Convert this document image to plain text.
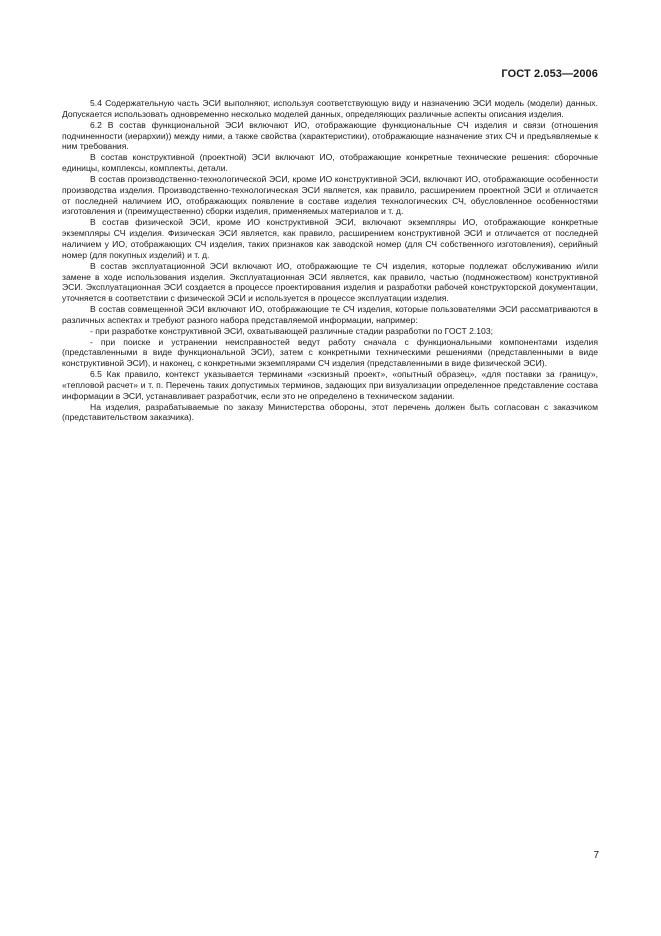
ГОСТ 2.053—2006

5.4 Содержательную часть ЭСИ выполняют, используя соответствующую виду и назначению ЭСИ модель (модели) данных. Допускается использовать одновременно несколько моделей данных, определяющих различные аспекты описания изделия.

6.2 В состав функциональной ЭСИ включают ИО, отображающие функциональные СЧ изделия и связи (отношения подчиненности (иерархии)) между ними, а также свойства (характеристики), отображающие назначение этих СЧ и предъявляемые к ним требования.

В состав конструктивной (проектной) ЭСИ включают ИО, отображающие конкретные технические решения: сборочные единицы, комплексы, комплекты, детали.

В состав производственно-технологической ЭСИ, кроме ИО конструктивной ЭСИ, включают ИО, отображающие особенности производства изделия. Производственно-технологическая ЭСИ является, как правило, расширением проектной ЭСИ и отличается от последней наличием ИО, отображающих появление в составе изделия технологических СЧ, обусловленное особенностями изготовления и (преимущественно) сборки изделия, применяемых материалов и т. д.

В состав физической ЭСИ, кроме ИО конструктивной ЭСИ, включают экземпляры ИО, отображающие конкретные экземпляры СЧ изделия. Физическая ЭСИ является, как правило, расширением конструктивной ЭСИ и отличается от последней наличием у ИО, отображающих СЧ изделия, таких признаков как заводской номер (для СЧ собственного изготовления), серийный номер (для покупных изделий) и т. д.

В состав эксплуатационной ЭСИ включают ИО, отображающие те СЧ изделия, которые подлежат обслуживанию и/или замене в ходе использования изделия. Эксплуатационная ЭСИ является, как правило, частью (подмножеством) конструктивной ЭСИ. Эксплуатационная ЭСИ создается в процессе проектирования изделия и разработки рабочей конструкторской документации, уточняется в соответствии с физической ЭСИ и используется в процессе эксплуатации изделия.

В состав совмещенной ЭСИ включают ИО, отображающие те СЧ изделия, которые пользователями ЭСИ рассматриваются в различных аспектах и требуют разного набора представляемой информации, например:

- при разработке конструктивной ЭСИ, охватывающей различные стадии разработки по ГОСТ 2.103;

- при поиске и устранении неисправностей ведут работу сначала с функциональными компонентами изделия (представленными в виде функциональной ЭСИ), затем с конкретными техническими решениями (представленными в виде конструктивной ЭСИ), и наконец, с конкретными экземплярами СЧ изделия (представленными в виде физической ЭСИ).

6.5 Как правило, контекст указывается терминами «эскизный проект», «опытный образец», «для поставки за границу», «тепловой расчет» и т. п. Перечень таких допустимых терминов, задающих при визуализации определенное представление состава информации в ЭСИ, устанавливает разработчик, если это не определено в техническом задании.

На изделия, разрабатываемые по заказу Министерства обороны, этот перечень должен быть согласован с заказчиком (представительством заказчика).

7
